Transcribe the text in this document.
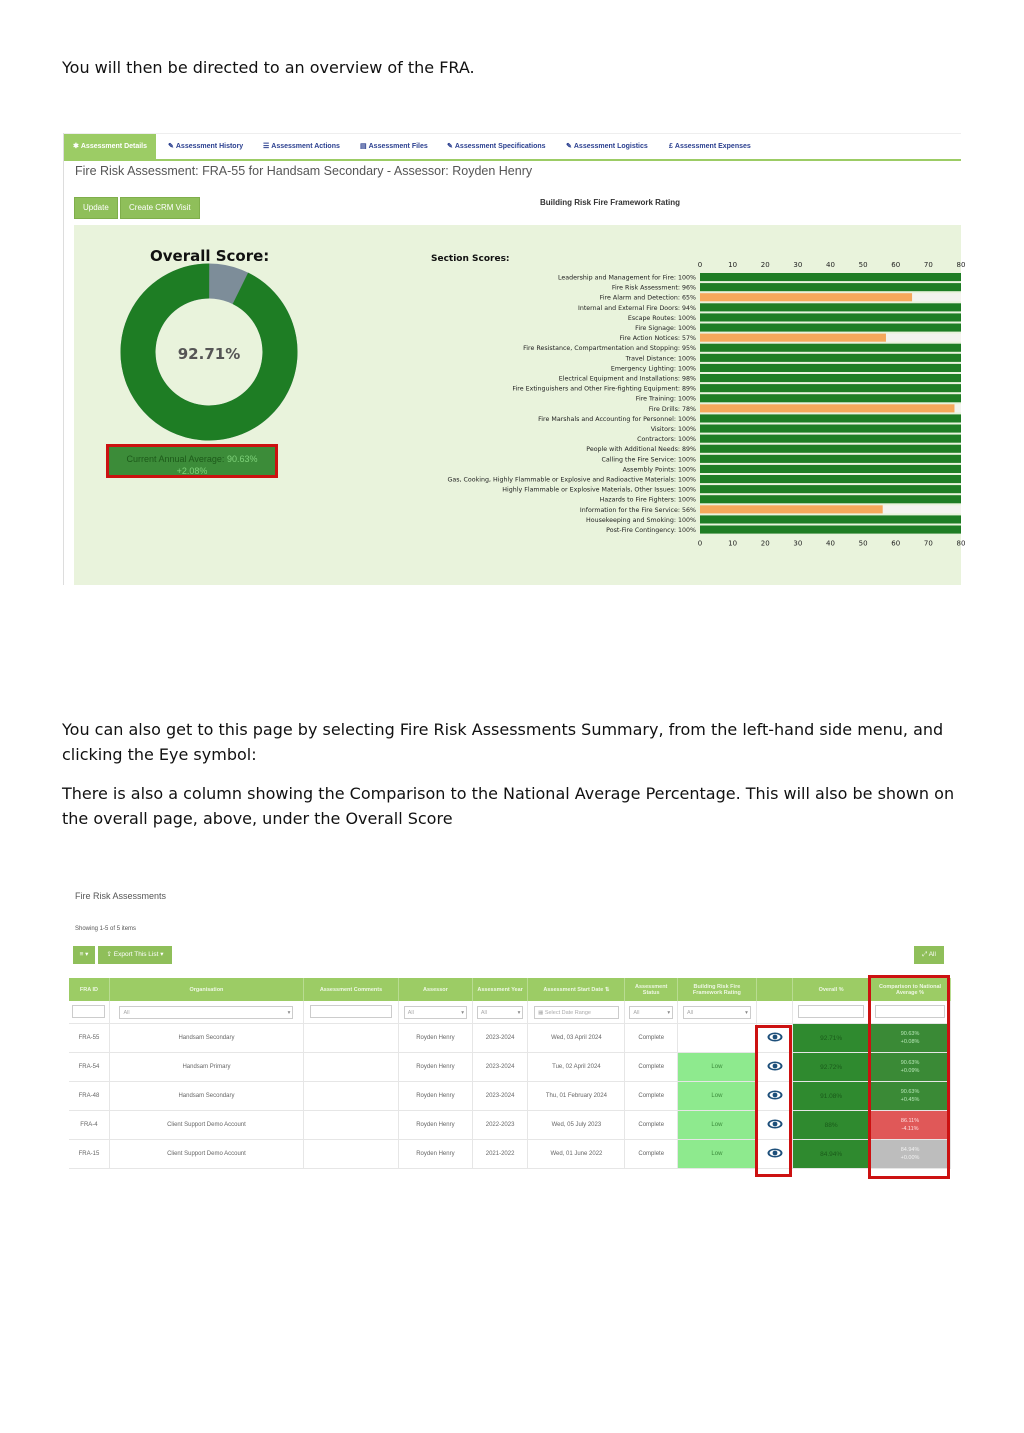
You will then be directed to an overview of the FRA.

You can also get to this page by selecting Fire Risk Assessments Summary, from the left-hand side menu, and clicking the Eye symbol:

There is also a column showing the Comparison to the National Average Percentage. This will also be shown on the overall page, above, under the Overall Score

✱ Assessment Details	✎ Assessment History	☰ Assessment Actions	▤ Assessment Files	✎ Assessment Specifications	✎ Assessment Logistics	£ Assessment Expenses
Fire Risk Assessment: FRA-55 for Handsam Secondary - Assessor: Royden Henry
Update	Create CRM Visit
Building Risk Fire Framework Rating
Overall Score:
92.71%
Current Annual Average: 90.63%
+2.08%
Section Scores:
0
0
10
10
20
20
30
30
40
40
50
50
60
60
70
70
80
80
Leadership and Management for Fire: 100%
Fire Risk Assessment: 96%
Fire Alarm and Detection: 65%
Internal and External Fire Doors: 94%
Escape Routes: 100%
Fire Signage: 100%
Fire Action Notices: 57%
Fire Resistance, Compartmentation and Stopping: 95%
Travel Distance: 100%
Emergency Lighting: 100%
Electrical Equipment and Installations: 98%
Fire Extinguishers and Other Fire-fighting Equipment: 89%
Fire Training: 100%
Fire Drills: 78%
Fire Marshals and Accounting for Personnel: 100%
Visitors: 100%
Contractors: 100%
People with Additional Needs: 89%
Calling the Fire Service: 100%
Assembly Points: 100%
Gas, Cooking, Highly Flammable or Explosive and Radioactive Materials: 100%
Highly Flammable or Explosive Materials, Other Issues: 100%
Hazards to Fire Fighters: 100%
Information for the Fire Service: 56%
Housekeeping and Smoking: 100%
Post-Fire Contingency: 100%
Fire Risk Assessments
Showing 1-5 of 5 items
≡ ▾	⇪ Export This List ▾	⤢ All
FRA ID	Organisation	Assessment Comments	Assessor	Assessment Year	Assessment Start Date ⇅	Assessment Status	Building Risk Fire Framework Rating		Overall %	Comparison to National Average %
	All ▾		All ▾	All ▾	▦ Select Date Range	All ▾	All ▾			

FRA-55	Handsam Secondary		Royden Henry	2023-2024	Wed, 03 April 2024	Complete			92.71%	90.63%
+0.08%
FRA-54	Handsam Primary		Royden Henry	2023-2024	Tue, 02 April 2024	Complete	Low		92.72%	90.63%
+0.09%
FRA-48	Handsam Secondary		Royden Henry	2023-2024	Thu, 01 February 2024	Complete	Low		91.08%	90.63%
+0.45%
FRA-4	Client Support Demo Account		Royden Henry	2022-2023	Wed, 05 July 2023	Complete	Low		88%	86.11%
-4.11%
FRA-15	Client Support Demo Account		Royden Henry	2021-2022	Wed, 01 June 2022	Complete	Low		84.94%	84.94%
+0.00%
